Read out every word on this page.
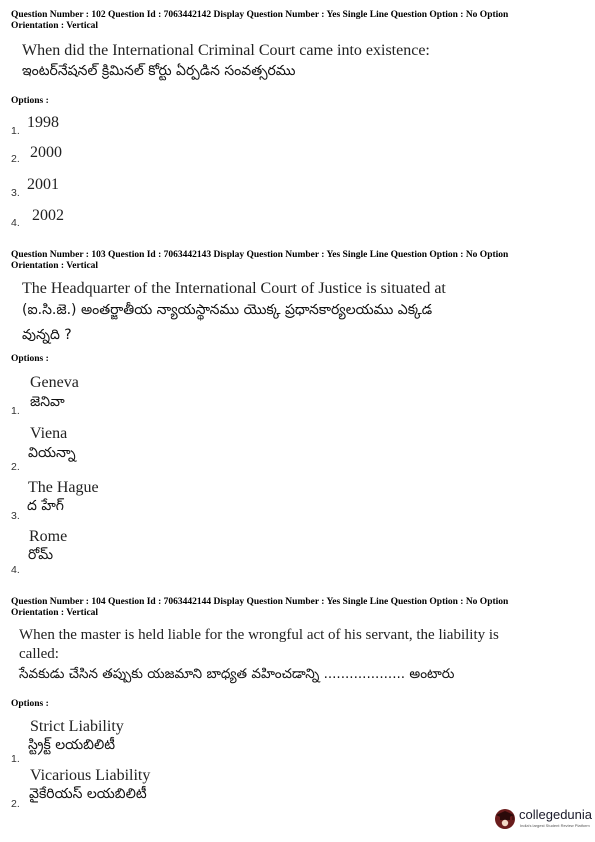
Question Number : 102 Question Id : 7063442142 Display Question Number : Yes Single Line Question Option : No Option
Orientation : Vertical
When did the International Criminal Court came into existence:
ఇంటర్‌నేషనల్ క్రిమినల్ కోర్టు ఏర్పడిన సంవత్సరము
Options :
1. 1998
2. 2000
3. 2001
4. 2002
Question Number : 103 Question Id : 7063442143 Display Question Number : Yes Single Line Question Option : No Option
Orientation : Vertical
The Headquarter of the International Court of Justice is situated at
(ఐ.సి.జె.) అంతర్జాతీయ న్యాయస్థానము యొక్క ప్రధానకార్యలయము ఎక్కడ
వున్నది ?
Options :
Geneva
జెనివా
1.
Viena
వియన్నా
2.
The Hague
ద హేగ్
3.
Rome
రోమ్
4.
Question Number : 104 Question Id : 7063442144 Display Question Number : Yes Single Line Question Option : No Option
Orientation : Vertical
When the master is held liable for the wrongful act of his servant, the liability is
called:
సేవకుడు చేసిన తప్పుకు యజమాని బాధ్యత వహించడాన్ని ................... అంటారు
Options :
Strict Liability
స్ట్రిక్ట్ లయబిలిటీ
1.
Vicarious Liability
వైకేరియస్ లయబిలిటీ
2.
collegedunia
India's largest Student Review Platform
